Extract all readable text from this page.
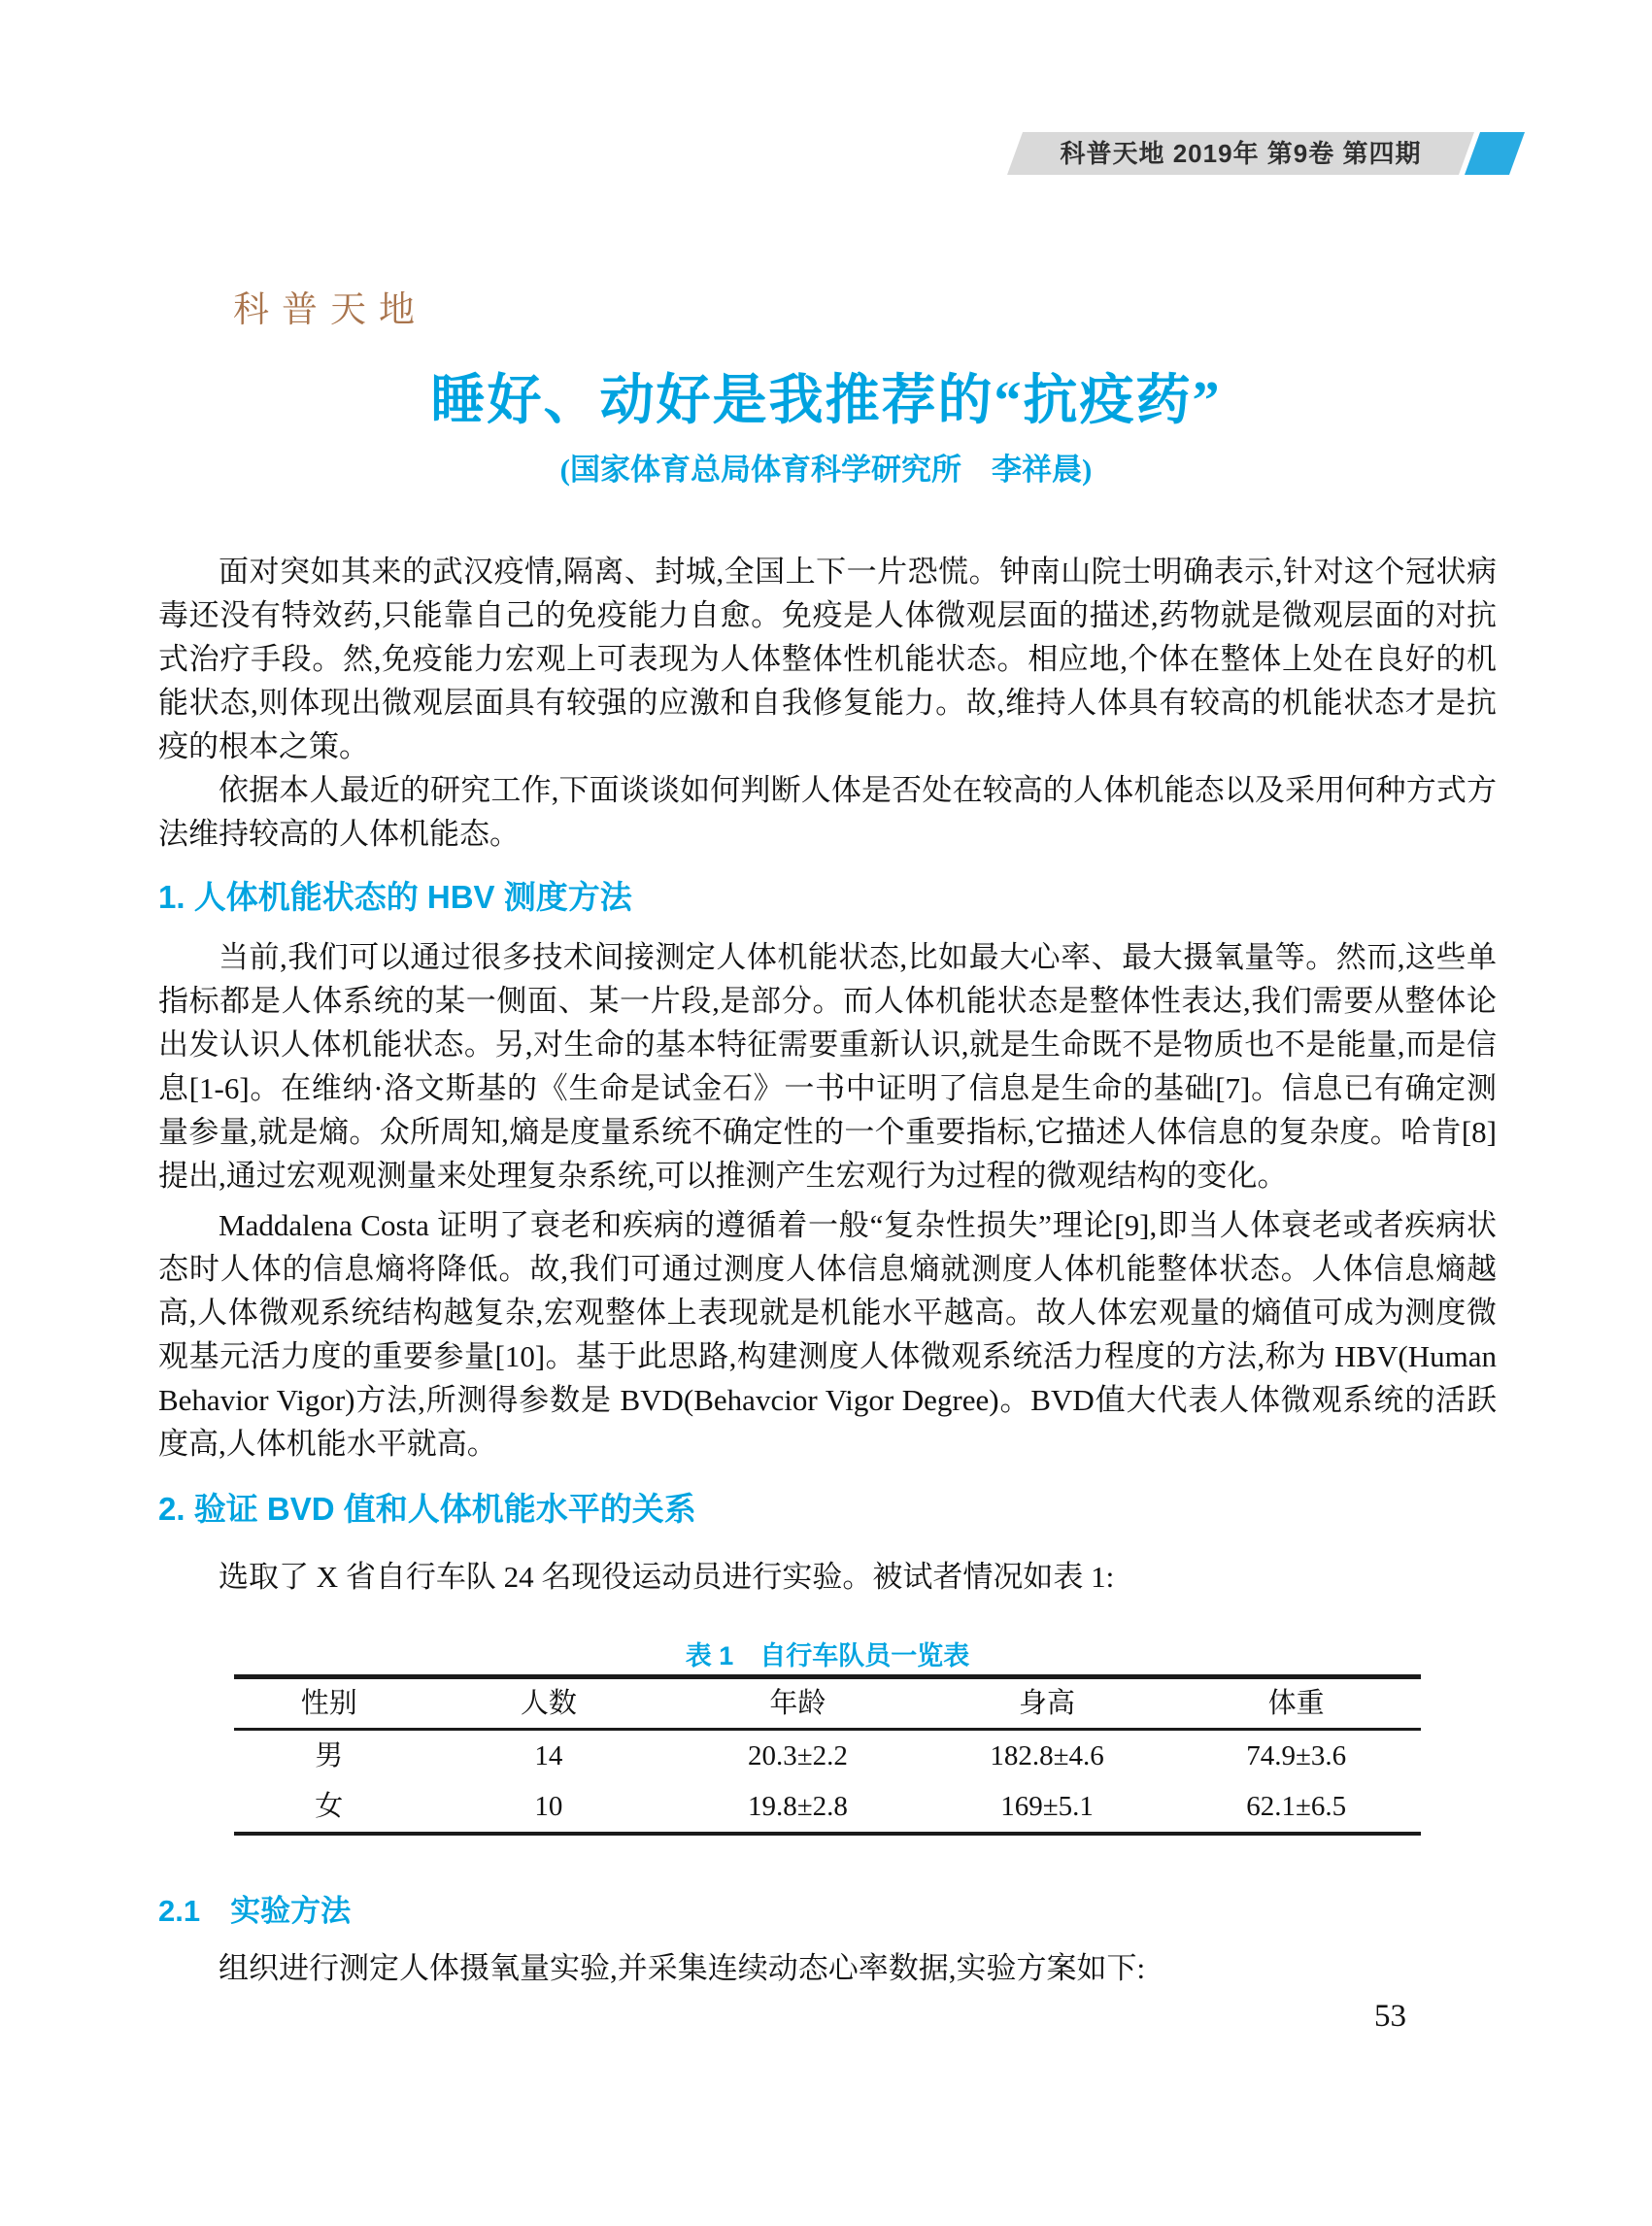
科普天地 2019年 第9卷 第四期
科普天地
睡好、动好是我推荐的“抗疫药”
(国家体育总局体育科学研究所　李祥晨)

面对突如其来的武汉疫情,隔离、封城,全国上下一片恐慌。钟南山院士明确表示,针对这个冠状病毒还没有特效药,只能靠自己的免疫能力自愈。免疫是人体微观层面的描述,药物就是微观层面的对抗式治疗手段。然,免疫能力宏观上可表现为人体整体性机能状态。相应地,个体在整体上处在良好的机能状态,则体现出微观层面具有较强的应激和自我修复能力。故,维持人体具有较高的机能状态才是抗疫的根本之策。

依据本人最近的研究工作,下面谈谈如何判断人体是否处在较高的人体机能态以及采用何种方式方法维持较高的人体机能态。

1. 人体机能状态的 HBV 测度方法

当前,我们可以通过很多技术间接测定人体机能状态,比如最大心率、最大摄氧量等。然而,这些单指标都是人体系统的某一侧面、某一片段,是部分。而人体机能状态是整体性表达,我们需要从整体论出发认识人体机能状态。另,对生命的基本特征需要重新认识,就是生命既不是物质也不是能量,而是信息[1-6]。在维纳·洛文斯基的《生命是试金石》一书中证明了信息是生命的基础[7]。信息已有确定测量参量,就是熵。众所周知,熵是度量系统不确定性的一个重要指标,它描述人体信息的复杂度。哈肯[8]提出,通过宏观观测量来处理复杂系统,可以推测产生宏观行为过程的微观结构的变化。

Maddalena Costa 证明了衰老和疾病的遵循着一般“复杂性损失”理论[9],即当人体衰老或者疾病状态时人体的信息熵将降低。故,我们可通过测度人体信息熵就测度人体机能整体状态。人体信息熵越高,人体微观系统结构越复杂,宏观整体上表现就是机能水平越高。故人体宏观量的熵值可成为测度微观基元活力度的重要参量[10]。基于此思路,构建测度人体微观系统活力程度的方法,称为 HBV(Human Behavior Vigor)方法,所测得参数是 BVD(Behavcior Vigor Degree)。BVD值大代表人体微观系统的活跃度高,人体机能水平就高。

2. 验证 BVD 值和人体机能水平的关系

选取了 X 省自行车队 24 名现役运动员进行实验。被试者情况如表 1:

表 1　自行车队员一览表
性别	人数	年龄	身高	体重
男	14	20.3±2.2	182.8±4.6	74.9±3.6
女	10	19.8±2.8	169±5.1	62.1±6.5
2.1　实验方法

组织进行测定人体摄氧量实验,并采集连续动态心率数据,实验方案如下:

53
